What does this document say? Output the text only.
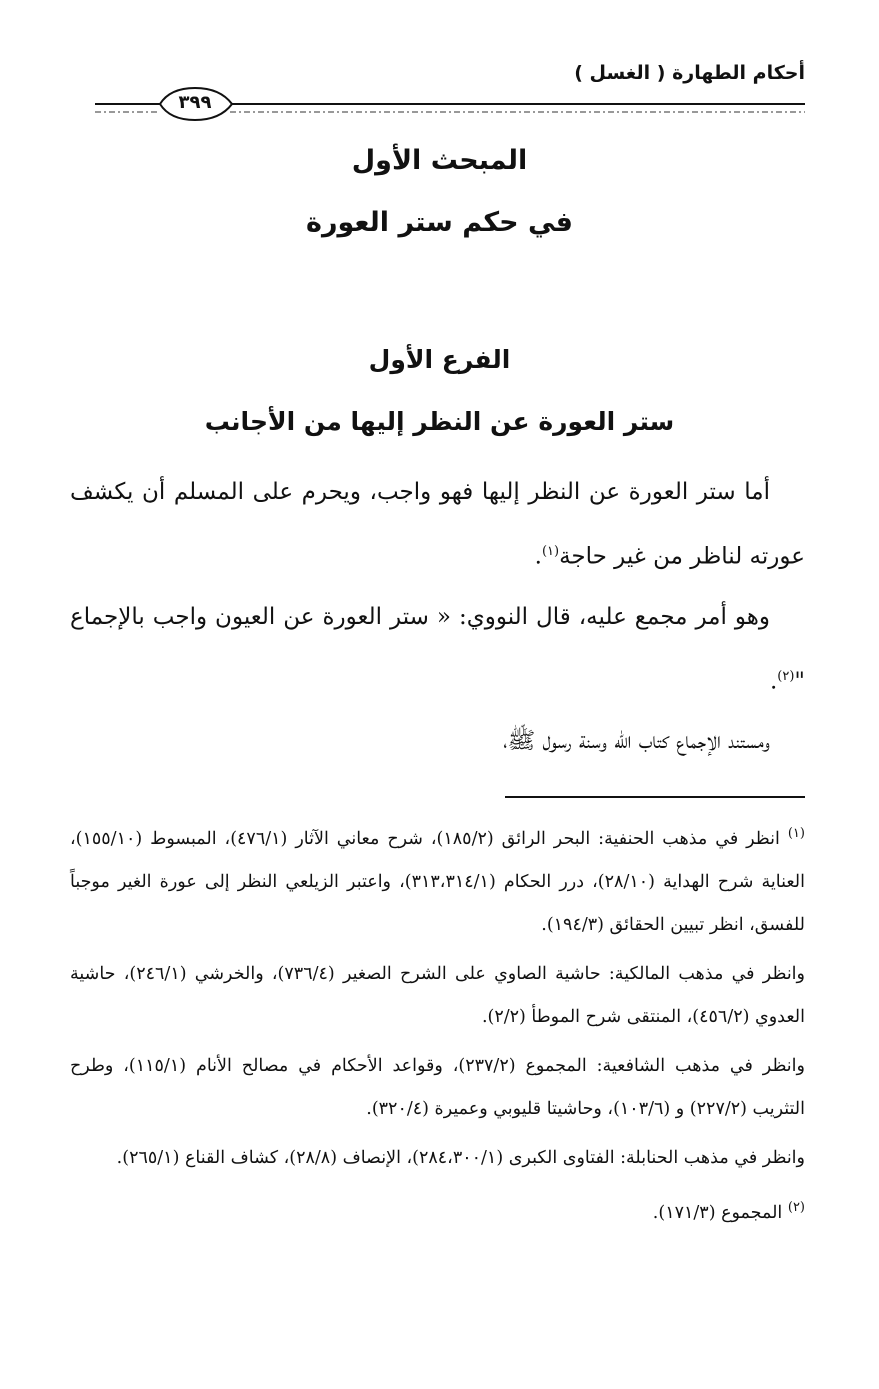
أحكام الطهارة ( الغسل )
٣٩٩
المبحث الأول
في حكم ستر العورة
الفرع الأول
ستر العورة عن النظر إليها من الأجانب

أما ستر العورة عن النظر إليها فهو واجب، ويحرم على المسلم أن يكشف عورته لناظر من غير حاجة$^{(١)}$.

وهو أمر مجمع عليه، قال النووي: « ستر العورة عن العيون واجب بالإجماع "$^{(٢)}$.

ومستند الإجماع كتاب الله وسنة رسول ﷺ،

$^{(١)}$ انظر في مذهب الحنفية: البحر الرائق (١٨٥/٢)، شرح معاني الآثار (٤٧٦/١)، المبسوط (١٥٥/١٠)، العناية شرح الهداية (٢٨/١٠)، درر الحكام (٣١٣،٣١٤/١)، واعتبر الزيلعي النظر إلى عورة الغير موجباً للفسق، انظر تبيين الحقائق (١٩٤/٣).

وانظر في مذهب المالكية: حاشية الصاوي على الشرح الصغير (٧٣٦/٤)، والخرشي (٢٤٦/١)، حاشية العدوي (٤٥٦/٢)، المنتقى شرح الموطأ (٢/٢).

وانظر في مذهب الشافعية: المجموع (٢٣٧/٢)، وقواعد الأحكام في مصالح الأنام (١١٥/١)، وطرح التثريب (٢٢٧/٢) و (١٠٣/٦)، وحاشيتا قليوبي وعميرة (٣٢٠/٤).

وانظر في مذهب الحنابلة: الفتاوى الكبرى (٢٨٤،٣٠٠/١)، الإنصاف (٢٨/٨)، كشاف القناع (٢٦٥/١).

$^{(٢)}$ المجموع (١٧١/٣).
